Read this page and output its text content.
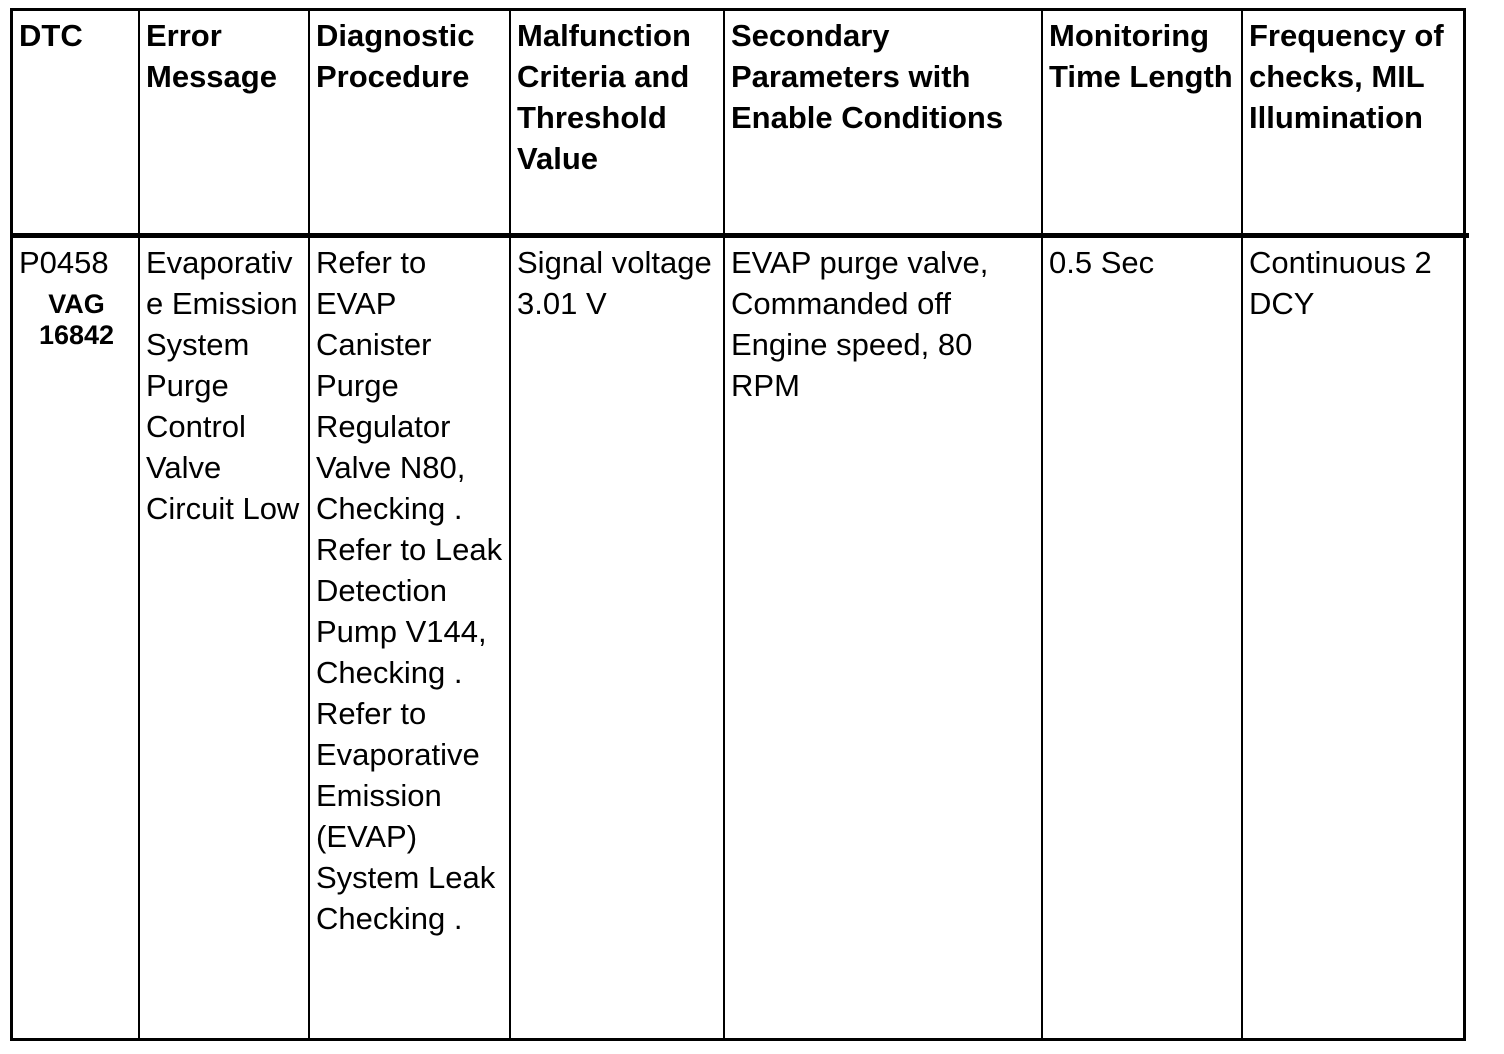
DTC	Error Message	Diagnostic Procedure	Malfunction Criteria and Threshold Value	Secondary Parameters with Enable Conditions	Monitoring Time Length	Frequency of checks, MIL Illumination

P0458
VAG
16842	Evaporative Emission System Purge Control Valve Circuit Low	Refer to EVAP Canister Purge Regulator Valve N80, Checking . Refer to Leak Detection Pump V144, Checking . Refer to Evaporative Emission (EVAP) System Leak Checking .	Signal voltage 3.01 V	EVAP purge valve, Commanded off Engine speed, 80 RPM	0.5 Sec	Continuous 2 DCY
